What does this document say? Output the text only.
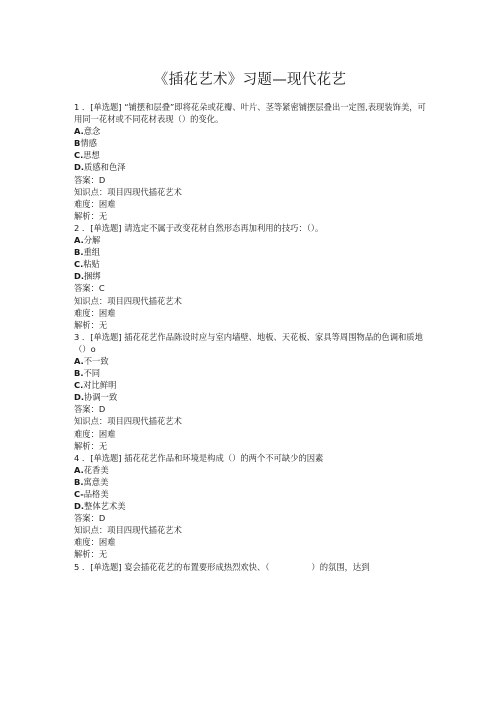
《插花艺术》习题—现代花艺
1 ．[单选题] “铺摆和层叠”即将花朵或花瓣、叶片、茎等紧密铺摆层叠出一定图,表现装饰美，可用同一花材或不同花材表现（）的变化。
A.意念
B情感
C.思想
D.质感和色泽
答案：D
知识点：项目四现代插花艺术
难度：困难
解析：无
2 ．[单选题] 请选定不属于改变花材自然形态再加利用的技巧：（）。
A.分解
B.重组
C.粘贴
D.捆绑
答案：C
知识点：项目四现代插花艺术
难度：困难
解析：无
3 ．[单选题] 插花花艺作品陈设时应与室内墙壁、地板、天花板、家具等周围物品的色调和质地（）o
A.不一致
B.不同
C.对比鲜明
D.协调一致
答案：D
知识点：项目四现代插花艺术
难度：困难
解析：无
4 ．[单选题] 插花花艺作品和环境是构成（）的两个不可缺少的因素
A.花香美
B.寓意美
C-品格美
D.整体艺术美
答案：D
知识点：项目四现代插花艺术
难度：困难
解析：无
5 ．[单选题] 宴会插花花艺的布置要形成热烈欢快、（	）的氛围，达到
